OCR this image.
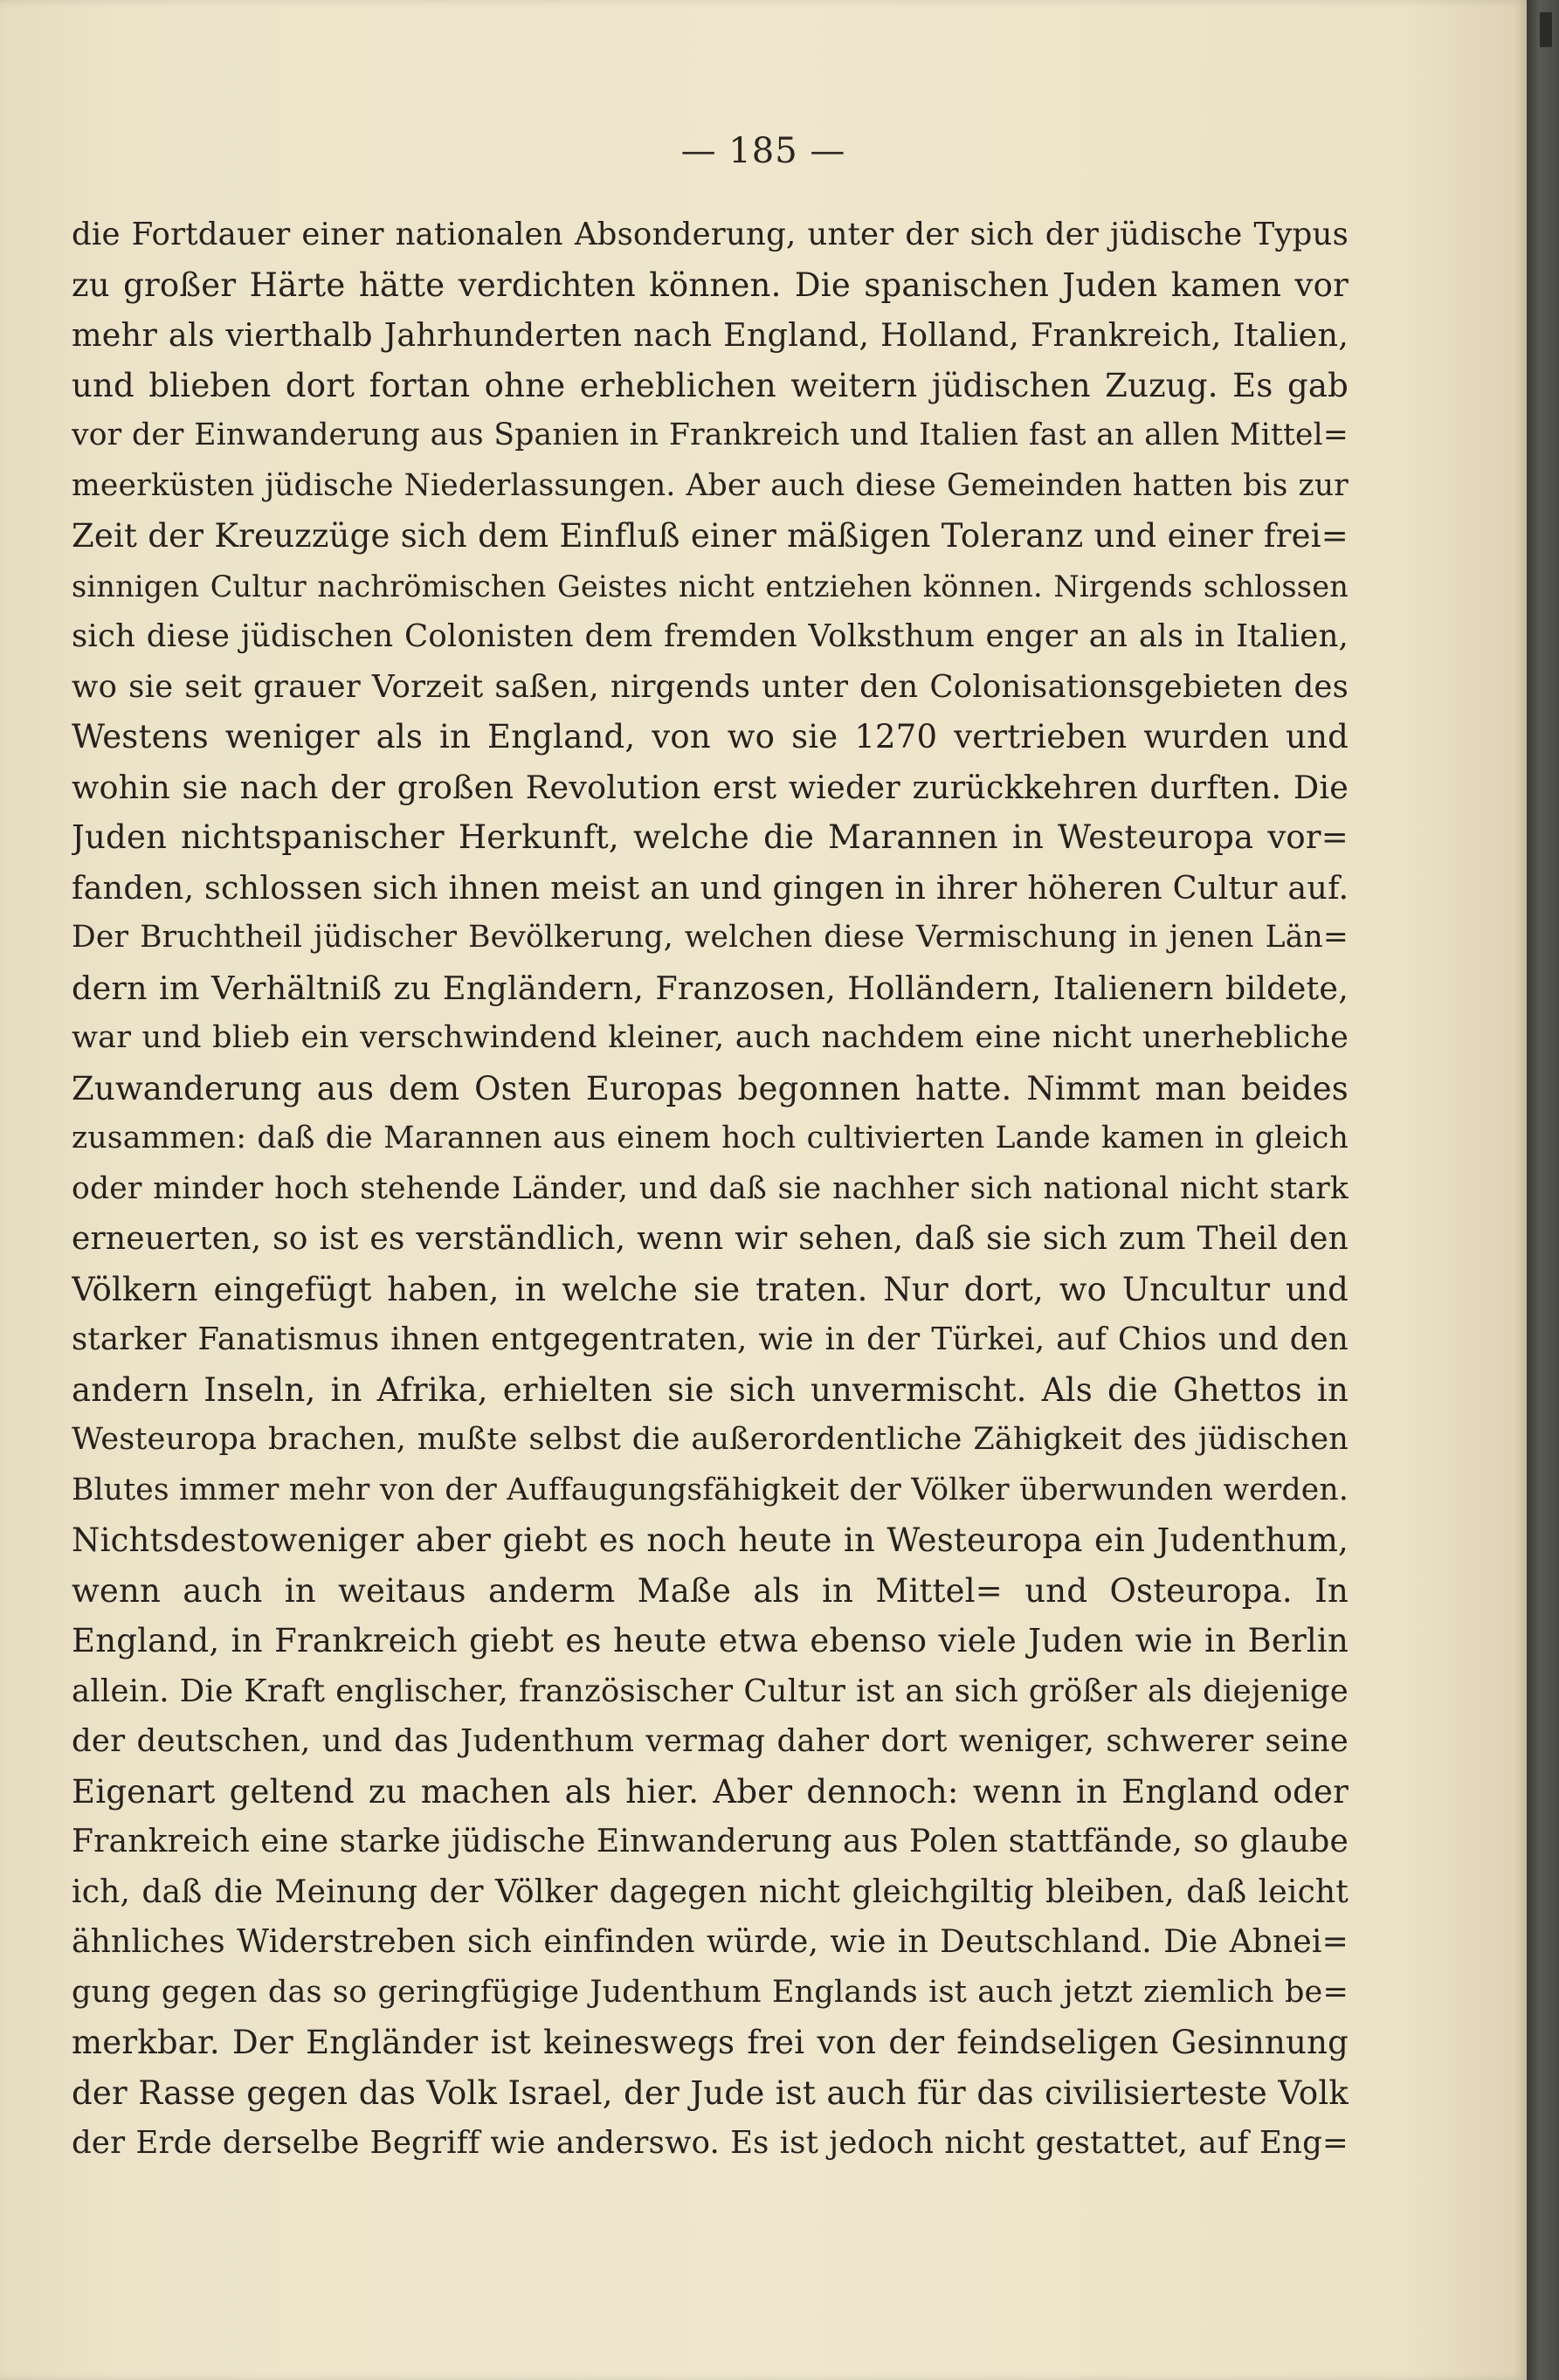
— 185 —
die Fortdauer einer nationalen Absonderung, unter der sich der jüdische Typus
zu großer Härte hätte verdichten können. Die spanischen Juden kamen vor
mehr als vierthalb Jahrhunderten nach England, Holland, Frankreich, Italien,
und blieben dort fortan ohne erheblichen weitern jüdischen Zuzug. Es gab
vor der Einwanderung aus Spanien in Frankreich und Italien fast an allen Mittel=
meerküsten jüdische Niederlassungen. Aber auch diese Gemeinden hatten bis zur
Zeit der Kreuzzüge sich dem Einfluß einer mäßigen Toleranz und einer frei=
sinnigen Cultur nachrömischen Geistes nicht entziehen können. Nirgends schlossen
sich diese jüdischen Colonisten dem fremden Volksthum enger an als in Italien,
wo sie seit grauer Vorzeit saßen, nirgends unter den Colonisationsgebieten des
Westens weniger als in England, von wo sie 1270 vertrieben wurden und
wohin sie nach der großen Revolution erst wieder zurückkehren durften. Die
Juden nichtspanischer Herkunft, welche die Marannen in Westeuropa vor=
fanden, schlossen sich ihnen meist an und gingen in ihrer höheren Cultur auf.
Der Bruchtheil jüdischer Bevölkerung, welchen diese Vermischung in jenen Län=
dern im Verhältniß zu Engländern, Franzosen, Holländern, Italienern bildete,
war und blieb ein verschwindend kleiner, auch nachdem eine nicht unerhebliche
Zuwanderung aus dem Osten Europas begonnen hatte. Nimmt man beides
zusammen: daß die Marannen aus einem hoch cultivierten Lande kamen in gleich
oder minder hoch stehende Länder, und daß sie nachher sich national nicht stark
erneuerten, so ist es verständlich, wenn wir sehen, daß sie sich zum Theil den
Völkern eingefügt haben, in welche sie traten. Nur dort, wo Uncultur und
starker Fanatismus ihnen entgegentraten, wie in der Türkei, auf Chios und den
andern Inseln, in Afrika, erhielten sie sich unvermischt. Als die Ghettos in
Westeuropa brachen, mußte selbst die außerordentliche Zähigkeit des jüdischen
Blutes immer mehr von der Auffaugungsfähigkeit der Völker überwunden werden.
Nichtsdestoweniger aber giebt es noch heute in Westeuropa ein Judenthum,
wenn auch in weitaus anderm Maße als in Mittel= und Osteuropa. In
England, in Frankreich giebt es heute etwa ebenso viele Juden wie in Berlin
allein. Die Kraft englischer, französischer Cultur ist an sich größer als diejenige
der deutschen, und das Judenthum vermag daher dort weniger, schwerer seine
Eigenart geltend zu machen als hier. Aber dennoch: wenn in England oder
Frankreich eine starke jüdische Einwanderung aus Polen stattfände, so glaube
ich, daß die Meinung der Völker dagegen nicht gleichgiltig bleiben, daß leicht
ähnliches Widerstreben sich einfinden würde, wie in Deutschland. Die Abnei=
gung gegen das so geringfügige Judenthum Englands ist auch jetzt ziemlich be=
merkbar. Der Engländer ist keineswegs frei von der feindseligen Gesinnung
der Rasse gegen das Volk Israel, der Jude ist auch für das civilisierteste Volk
der Erde derselbe Begriff wie anderswo. Es ist jedoch nicht gestattet, auf Eng=
